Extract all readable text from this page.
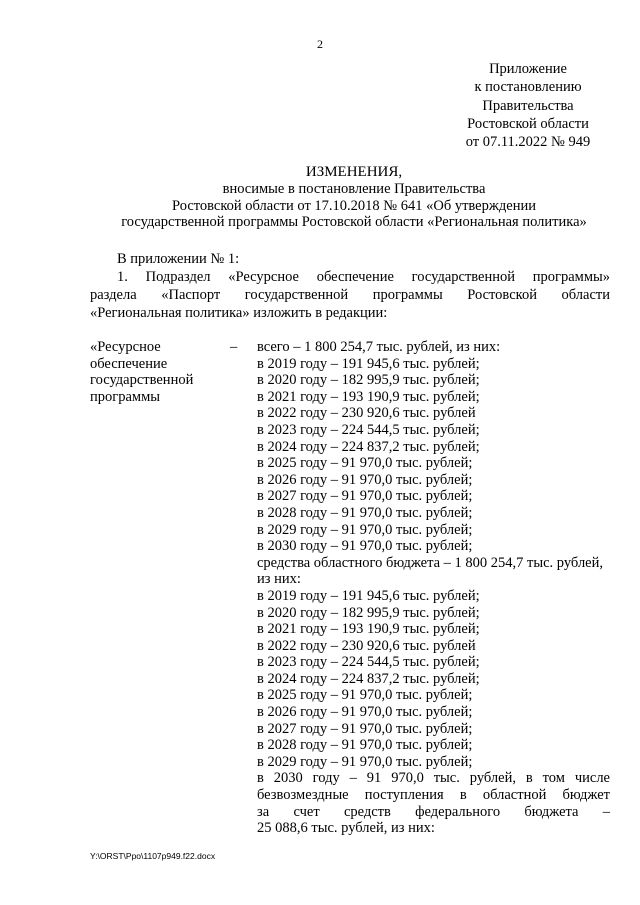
2
Приложение
к постановлению
Правительства
Ростовской области
от 07.11.2022 № 949
ИЗМЕНЕНИЯ,
вносимые в постановление Правительства
Ростовской области от 17.10.2018 № 641 «Об утверждении
государственной программы Ростовской области «Региональная политика»
В приложении № 1:
1. Подраздел «Ресурсное обеспечение государственной программы»
раздела «Паспорт государственной программы Ростовской области
«Региональная политика» изложить в редакции:
«Ресурсное
обеспечение
государственной
программы
– всего – 1 800 254,7 тыс. рублей, из них:
в 2019 году – 191 945,6 тыс. рублей;
в 2020 году – 182 995,9 тыс. рублей;
в 2021 году – 193 190,9 тыс. рублей;
в 2022 году – 230 920,6 тыс. рублей
в 2023 году – 224 544,5 тыс. рублей;
в 2024 году – 224 837,2 тыс. рублей;
в 2025 году – 91 970,0 тыс. рублей;
в 2026 году – 91 970,0 тыс. рублей;
в 2027 году – 91 970,0 тыс. рублей;
в 2028 году – 91 970,0 тыс. рублей;
в 2029 году – 91 970,0 тыс. рублей;
в 2030 году – 91 970,0 тыс. рублей;
средства областного бюджета – 1 800 254,7 тыс. рублей,
из них:
в 2019 году – 191 945,6 тыс. рублей;
в 2020 году – 182 995,9 тыс. рублей;
в 2021 году – 193 190,9 тыс. рублей;
в 2022 году – 230 920,6 тыс. рублей
в 2023 году – 224 544,5 тыс. рублей;
в 2024 году – 224 837,2 тыс. рублей;
в 2025 году – 91 970,0 тыс. рублей;
в 2026 году – 91 970,0 тыс. рублей;
в 2027 году – 91 970,0 тыс. рублей;
в 2028 году – 91 970,0 тыс. рублей;
в 2029 году – 91 970,0 тыс. рублей;
в 2030 году – 91 970,0 тыс. рублей, в том числе
безвозмездные поступления в областной бюджет
за счет средств федерального бюджета –
25 088,6 тыс. рублей, из них:
Y:\ORST\Ppo\1107p949.f22.docx
